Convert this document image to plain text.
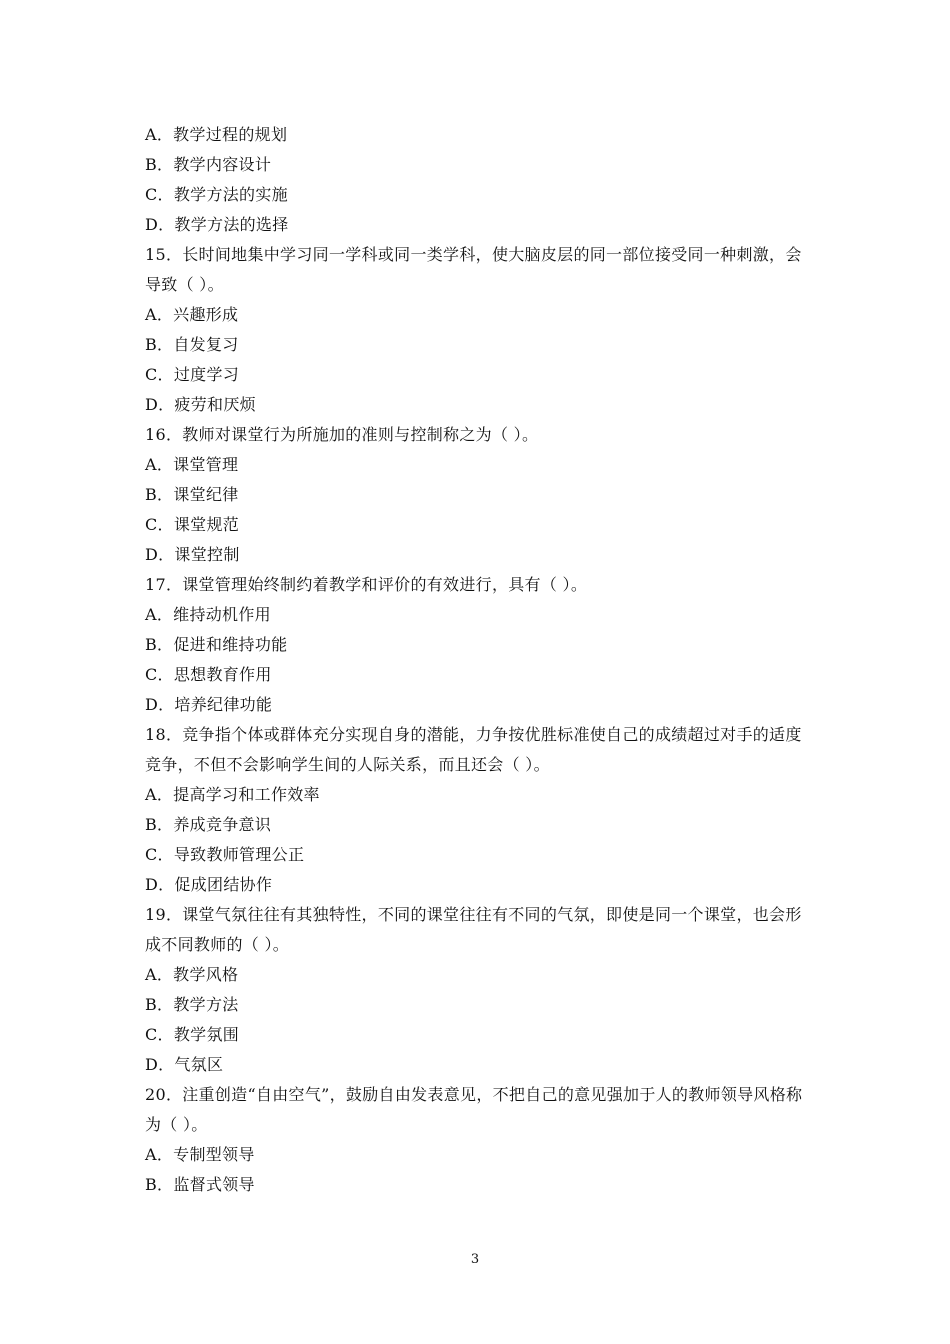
A．教学过程的规划
B．教学内容设计
C．教学方法的实施
D．教学方法的选择
15．长时间地集中学习同一学科或同一类学科，使大脑皮层的同一部位接受同一种刺激，会
导致（ ）。
A．兴趣形成
B．自发复习
C．过度学习
D．疲劳和厌烦
16．教师对课堂行为所施加的准则与控制称之为（ ）。
A．课堂管理
B．课堂纪律
C．课堂规范
D．课堂控制
17．课堂管理始终制约着教学和评价的有效进行，具有（ ）。
A．维持动机作用
B．促进和维持功能
C．思想教育作用
D．培养纪律功能
18．竞争指个体或群体充分实现自身的潜能，力争按优胜标准使自己的成绩超过对手的适度
竞争，不但不会影响学生间的人际关系，而且还会（ ）。
A．提高学习和工作效率
B．养成竞争意识
C．导致教师管理公正
D．促成团结协作
19．课堂气氛往往有其独特性，不同的课堂往往有不同的气氛，即使是同一个课堂，也会形
成不同教师的（ ）。
A．教学风格
B．教学方法
C．教学氛围
D．气氛区
20．注重创造“自由空气”，鼓励自由发表意见，不把自己的意见强加于人的教师领导风格称
为（ ）。
A．专制型领导
B．监督式领导
3
